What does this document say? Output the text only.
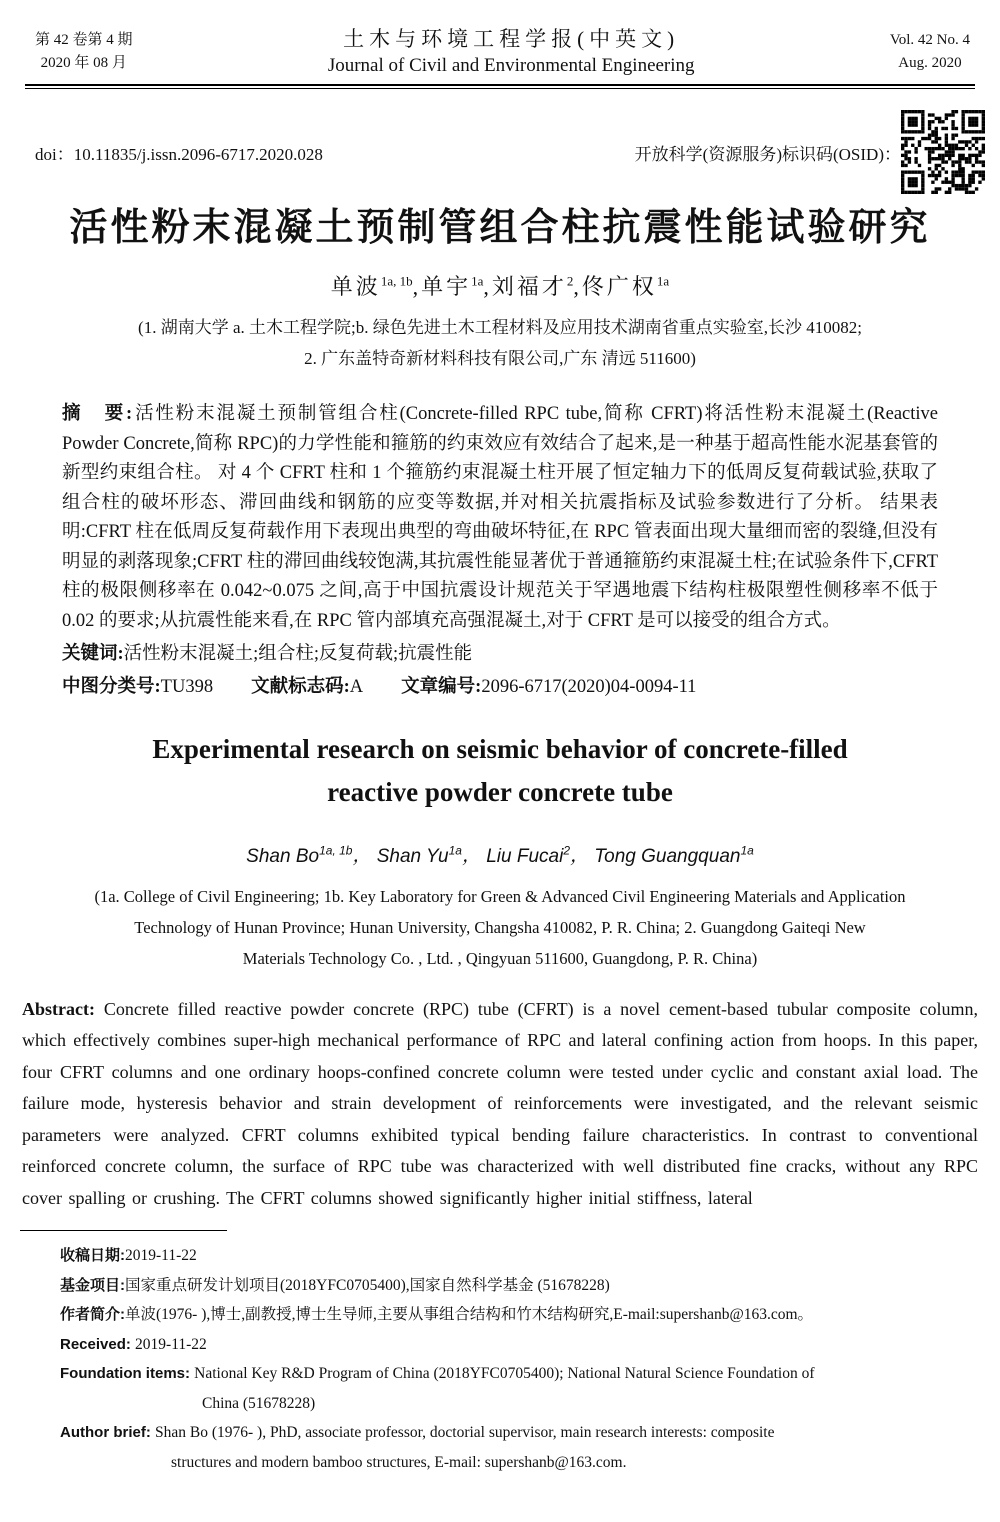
第 42 卷第 4 期
2020 年 08 月
土木与环境工程学报(中英文)
Journal of Civil and Environmental Engineering
Vol. 42 No. 4
Aug. 2020
doi：10.11835/j.issn.2096-6717.2020.028	开放科学(资源服务)标识码(OSID)：
活性粉末混凝土预制管组合柱抗震性能试验研究
单波$^{1a, 1b}$,单宇$^{1a}$,刘福才$^2$,佟广权$^{1a}$
(1. 湖南大学 a. 土木工程学院;b. 绿色先进土木工程材料及应用技术湖南省重点实验室,长沙 410082;
2. 广东盖特奇新材料科技有限公司,广东 清远 511600)

摘　要:活性粉末混凝土预制管组合柱(Concrete-filled RPC tube,简称 CFRT)将活性粉末混凝土(Reactive Powder Concrete,简称 RPC)的力学性能和箍筋的约束效应有效结合了起来,是一种基于超高性能水泥基套管的新型约束组合柱。 对 4 个 CFRT 柱和 1 个箍筋约束混凝土柱开展了恒定轴力下的低周反复荷载试验,获取了组合柱的破坏形态、滞回曲线和钢筋的应变等数据,并对相关抗震指标及试验参数进行了分析。 结果表明:CFRT 柱在低周反复荷载作用下表现出典型的弯曲破坏特征,在 RPC 管表面出现大量细而密的裂缝,但没有明显的剥落现象;CFRT 柱的滞回曲线较饱满,其抗震性能显著优于普通箍筋约束混凝土柱;在试验条件下,CFRT 柱的极限侧移率在 0.042~0.075 之间,高于中国抗震设计规范关于罕遇地震下结构柱极限塑性侧移率不低于 0.02 的要求;从抗震性能来看,在 RPC 管内部填充高强混凝土,对于 CFRT 是可以接受的组合方式。

关键词:活性粉末混凝土;组合柱;反复荷载;抗震性能
中图分类号:TU398 文献标志码:A 文章编号:2096-6717(2020)04-0094-11
Experimental research on seismic behavior of concrete-filled
reactive powder concrete tube
Shan $Bo^{1a, 1b}$， Shan $Yu^{1a}$， Liu Fucai$^2$， Tong Guangquan$^{1a}$
(1a. College of Civil Engineering; 1b. Key Laboratory for Green & Advanced Civil Engineering Materials and Application
Technology of Hunan Province; Hunan University, Changsha 410082, P. R. China; 2. Guangdong Gaiteqi New
Materials Technology Co. , Ltd. , Qingyuan 511600, Guangdong, P. R. China)

Abstract: Concrete filled reactive powder concrete (RPC) tube (CFRT) is a novel cement-based tubular composite column, which effectively combines super-high mechanical performance of RPC and lateral confining action from hoops. In this paper, four CFRT columns and one ordinary hoops-confined concrete column were tested under cyclic and constant axial load. The failure mode, hysteresis behavior and strain development of reinforcements were investigated, and the relevant seismic parameters were analyzed. CFRT columns exhibited typical bending failure characteristics. In contrast to conventional reinforced concrete column, the surface of RPC tube was characterized with well distributed fine cracks, without any RPC cover spalling or crushing. The CFRT columns showed significantly higher initial stiffness, lateral

收稿日期:2019-11-22
基金项目:国家重点研发计划项目(2018YFC0705400),国家自然科学基金 (51678228)
作者简介:单波(1976- ),博士,副教授,博士生导师,主要从事组合结构和竹木结构研究,E-mail:supershanb@163.com。
Received: 2019-11-22
Foundation items: National Key R&D Program of China (2018YFC0705400); National Natural Science Foundation of
China (51678228)
Author brief: Shan Bo (1976- ), PhD, associate professor, doctorial supervisor, main research interests: composite
structures and modern bamboo structures, E-mail: supershanb@163.com.
